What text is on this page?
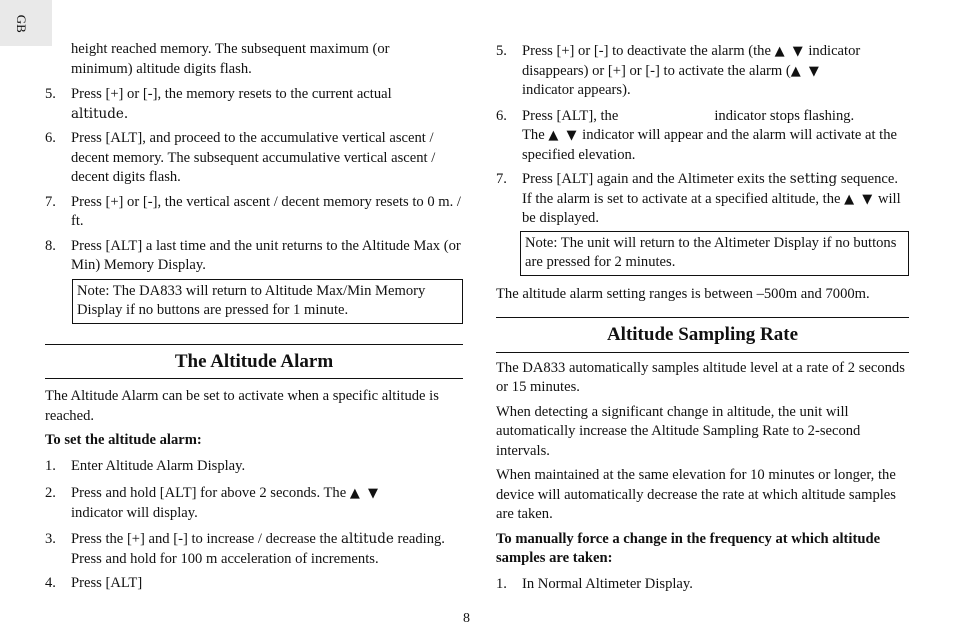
GB

height reached memory. The subsequent maximum (or
minimum) altitude digits flash.

5. Press [+] or [-], the memory resets to the current actual
altitude.
6. Press [ALT], and proceed to the accumulative vertical ascent / decent memory. The subsequent accumulative vertical ascent / decent digits flash.
7. Press [+] or [-], the vertical ascent / decent memory resets to 0 m. / ft.
8. Press [ALT] a last time and the unit returns to the Altitude Max (or Min) Memory Display.
Note: The DA833 will return to Altitude Max/Min Memory Display if no buttons are pressed for 1 minute.
The Altitude Alarm

The Altitude Alarm can be set to activate when a specific altitude is reached.

To set the altitude alarm:

1. Enter Altitude Alarm Display.
2. Press and hold [ALT] for above 2 seconds. The ▲ ▼
indicator will display.
3. Press the [+] and [-] to increase / decrease the altitude reading. Press and hold for 100 m acceleration of increments.
4. Press [ALT]
5. Press [+] or [-] to deactivate the alarm (the ▲ ▼ indicator
disappears) or [+] or [-] to activate the alarm (▲ ▼
indicator appears).
6. Press [ALT], the	indicator stops flashing.
The ▲ ▼ indicator will appear and the alarm will activate at the specified elevation.
7. Press [ALT] again and the Altimeter exits the setting sequence. If the alarm is set to activate at a specified altitude, the ▲ ▼ will be displayed.
Note: The unit will return to the Altimeter Display if no buttons are pressed for 2 minutes.

The altitude alarm setting ranges is between –500m and 7000m.

Altitude Sampling Rate

The DA833 automatically samples altitude level at a rate of 2 seconds or 15 minutes.

When detecting a significant change in altitude, the unit will automatically increase the Altitude Sampling Rate to 2-second intervals.

When maintained at the same elevation for 10 minutes or longer, the device will automatically decrease the rate at which altitude samples are taken.

To manually force a change in the frequency at which altitude samples are taken:

1. In Normal Altimeter Display.
8
